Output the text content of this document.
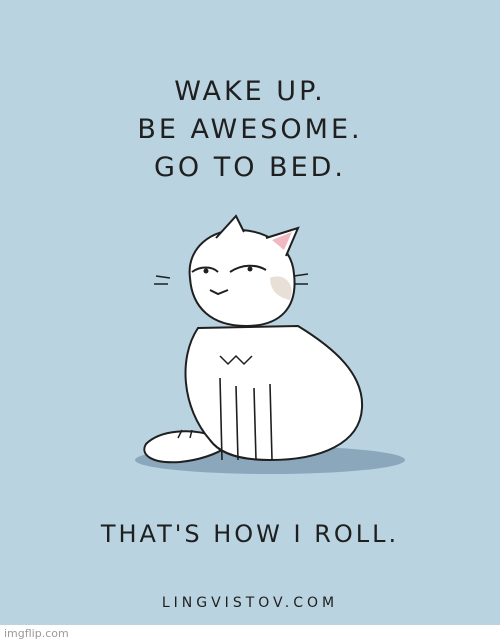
WAKE UP.
BE AWESOME.
GO TO BED.
THAT'S HOW I ROLL.
LINGVISTOV.COM
imgflip.com
